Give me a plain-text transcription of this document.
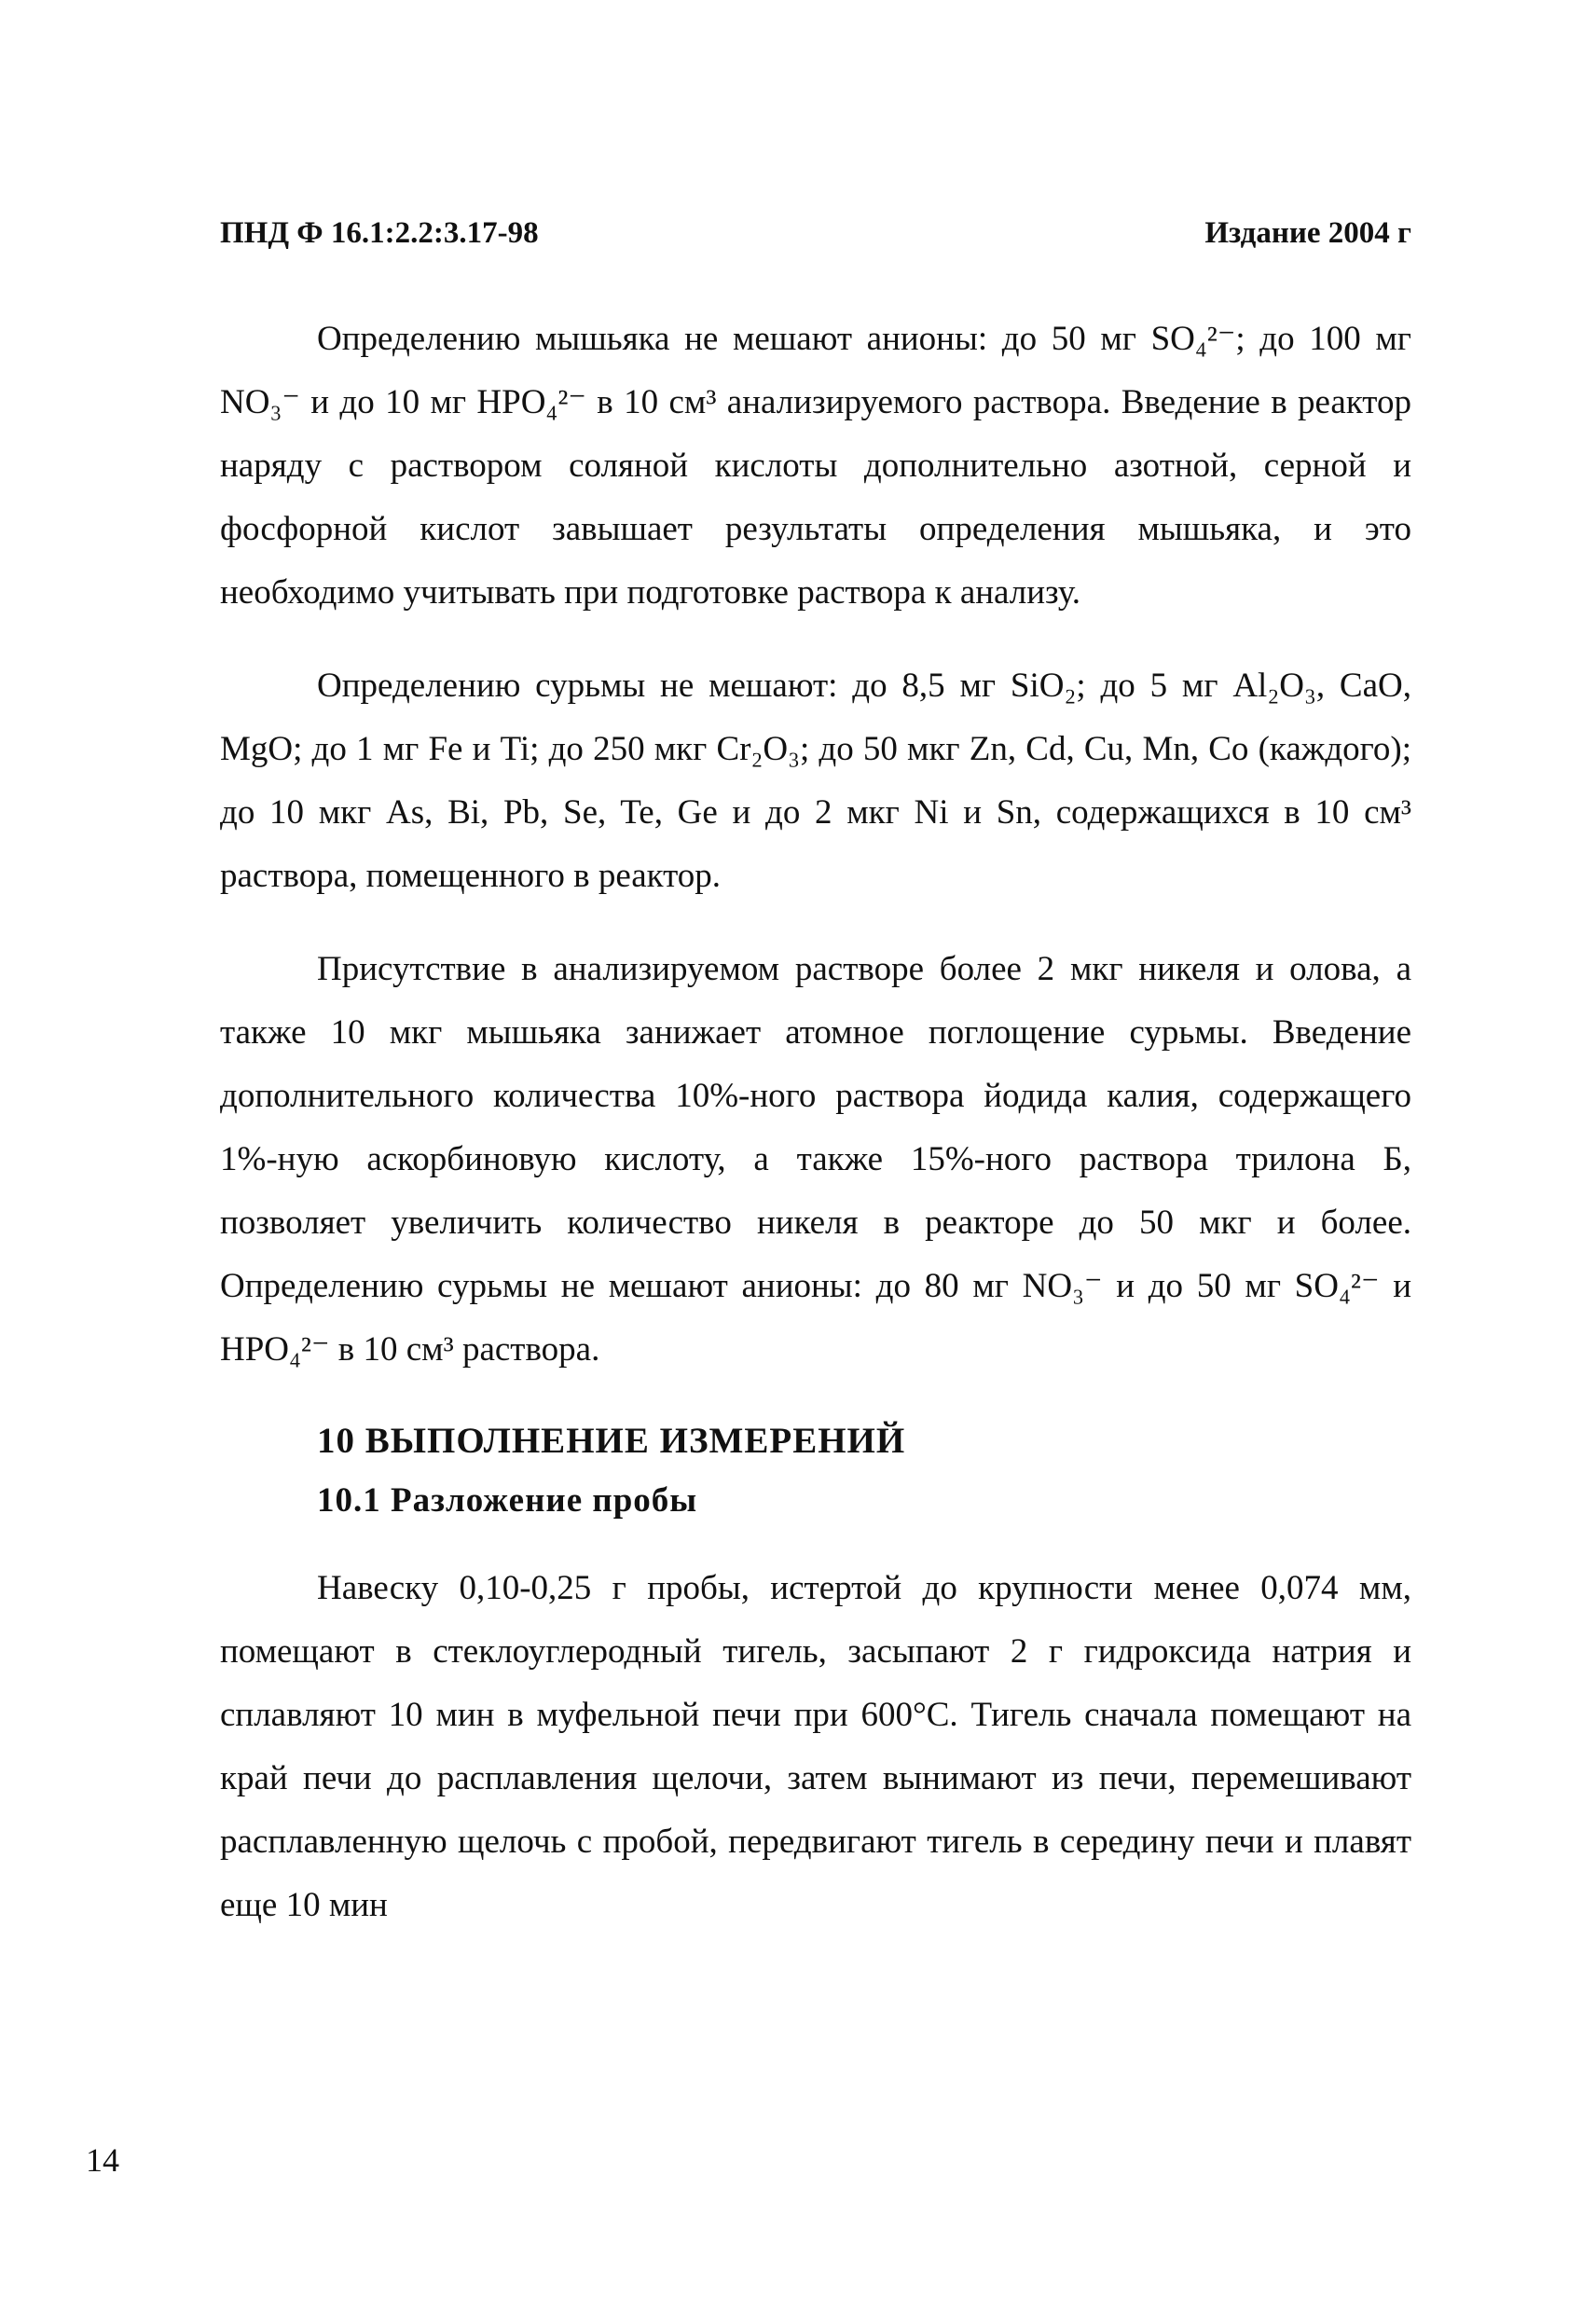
ПНД Ф 16.1:2.2:3.17-98	Издание 2004 г

Определению мышьяка не мешают анионы: до 50 мг SO₄²⁻; до 100 мг NO₃⁻ и до 10 мг HPO₄²⁻ в 10 см³ анализируемого раствора. Введение в реактор наряду с раствором соляной кислоты дополнительно азотной, серной и фосфорной кислот завышает результаты определения мышьяка, и это необходимо учитывать при подготовке раствора к анализу.

Определению сурьмы не мешают: до 8,5 мг SiO₂; до 5 мг Al₂O₃, CaO, MgO; до 1 мг Fe и Ti; до 250 мкг Cr₂O₃; до 50 мкг Zn, Cd, Cu, Mn, Co (каждого); до 10 мкг As, Bi, Pb, Se, Te, Ge и до 2 мкг Ni и Sn, содержащихся в 10 см³ раствора, помещенного в реактор.

Присутствие в анализируемом растворе более 2 мкг никеля и олова, а также 10 мкг мышьяка занижает атомное поглощение сурьмы. Введение дополнительного количества 10%-ного раствора йодида калия, содержащего 1%-ную аскорбиновую кислоту, а также 15%-ного раствора трилона Б, позволяет увеличить количество никеля в реакторе до 50 мкг и более. Определению сурьмы не мешают анионы: до 80 мг NO₃⁻ и до 50 мг SO₄²⁻ и HPO₄²⁻ в 10 см³ раствора.

10 ВЫПОЛНЕНИЕ ИЗМЕРЕНИЙ
10.1 Разложение пробы

Навеску 0,10-0,25 г пробы, истертой до крупности менее 0,074 мм, помещают в стеклоуглеродный тигель, засыпают 2 г гидроксида натрия и сплавляют 10 мин в муфельной печи при 600°C. Тигель сначала помещают на край печи до расплавления щелочи, затем вынимают из печи, перемешивают расплавленную щелочь с пробой, передвигают тигель в середину печи и плавят еще 10 мин

14
